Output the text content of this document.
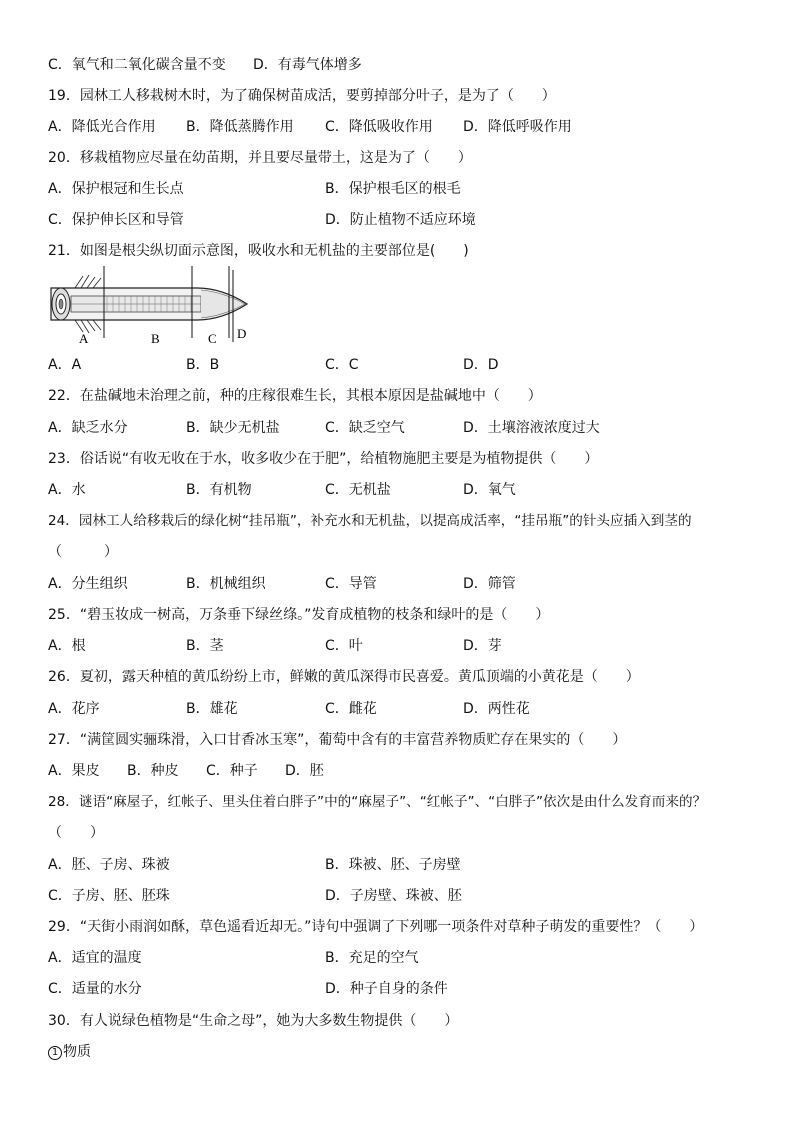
C．氧气和二氧化碳含量不变 D．有毒气体增多
19．园林工人移栽树木时，为了确保树苗成活，要剪掉部分叶子，是为了（　　）
A．降低光合作用 B．降低蒸腾作用 C．降低吸收作用 D．降低呼吸作用
20．移栽植物应尽量在幼苗期，并且要尽量带土，这是为了（　　）
A．保护根冠和生长点	B．保护根毛区的根毛
C．保护伸长区和导管	D．防止植物不适应环境
21．如图是根尖纵切面示意图，吸收水和无机盐的主要部位是(　　)
A	B	C D
A．A	B．B	C．C	D．D
22．在盐碱地未治理之前，种的庄稼很难生长，其根本原因是盐碱地中（　　）
A．缺乏水分	B．缺少无机盐	C．缺乏空气	D．土壤溶液浓度过大
23．俗话说“有收无收在于水，收多收少在于肥”，给植物施肥主要是为植物提供（　　）
A．水	B．有机物	C．无机盐	D．氧气
24．园林工人给移栽后的绿化树“挂吊瓶”，补充水和无机盐，以提高成活率，“挂吊瓶”的针头应插入到茎的
（　　　）
A．分生组织	B．机械组织	C．导管	D．筛管
25．“碧玉妆成一树高，万条垂下绿丝绦。”发育成植物的枝条和绿叶的是（　　）
A．根	B．茎	C．叶	D．芽
26．夏初，露天种植的黄瓜纷纷上市，鲜嫩的黄瓜深得市民喜爱。黄瓜顶端的小黄花是（　　）
A．花序	B．雄花	C．雌花	D．两性花
27．“满筐圆实骊珠滑，入口甘香冰玉寒”，葡萄中含有的丰富营养物质贮存在果实的（　　）
A．果皮 B．种皮 C．种子 D．胚
28．谜语“麻屋子，红帐子、里头住着白胖子”中的“麻屋子”、“红帐子”、“白胖子”依次是由什么发育而来的？
（　　）
A．胚、子房、珠被	B．珠被、胚、子房壁
C．子房、胚、胚珠	D．子房壁、珠被、胚
29．“天街小雨润如酥，草色遥看近却无。”诗句中强调了下列哪一项条件对草种子萌发的重要性？（　　）
A．适宜的温度	B．充足的空气
C．适量的水分	D．种子自身的条件
30．有人说绿色植物是“生命之母”，她为大多数生物提供（　　）
1 物质
